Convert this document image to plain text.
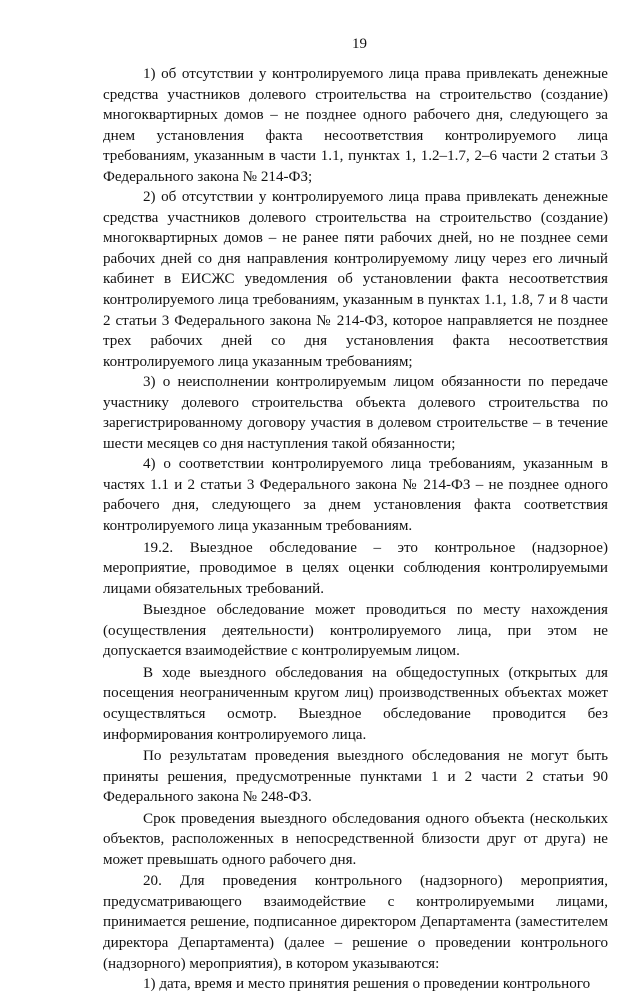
19

1) об отсутствии у контролируемого лица права привлекать денежные средства участников долевого строительства на строительство (создание) многоквартирных домов – не позднее одного рабочего дня, следующего за днем установления факта несоответствия контролируемого лица требованиям, указанным в части 1.1, пунктах 1, 1.2–1.7, 2–6 части 2 статьи 3 Федерального закона № 214-ФЗ;

2) об отсутствии у контролируемого лица права привлекать денежные средства участников долевого строительства на строительство (создание) многоквартирных домов – не ранее пяти рабочих дней, но не позднее семи рабочих дней со дня направления контролируемому лицу через его личный кабинет в ЕИСЖС уведомления об установлении факта несоответствия контролируемого лица требованиям, указанным в пунктах 1.1, 1.8, 7 и 8 части 2 статьи 3 Федерального закона № 214-ФЗ, которое направляется не позднее трех рабочих дней со дня установления факта несоответствия контролируемого лица указанным требованиям;

3) о неисполнении контролируемым лицом обязанности по передаче участнику долевого строительства объекта долевого строительства по зарегистрированному договору участия в долевом строительстве – в течение шести месяцев со дня наступления такой обязанности;

4) о соответствии контролируемого лица требованиям, указанным в частях 1.1 и 2 статьи 3 Федерального закона № 214-ФЗ – не позднее одного рабочего дня, следующего за днем установления факта соответствия контролируемого лица указанным требованиям.

19.2. Выездное обследование – это контрольное (надзорное) мероприятие, проводимое в целях оценки соблюдения контролируемыми лицами обязательных требований.

Выездное обследование может проводиться по месту нахождения (осуществления деятельности) контролируемого лица, при этом не допускается взаимодействие с контролируемым лицом.

В ходе выездного обследования на общедоступных (открытых для посещения неограниченным кругом лиц) производственных объектах может осуществляться осмотр. Выездное обследование проводится без информирования контролируемого лица.

По результатам проведения выездного обследования не могут быть приняты решения, предусмотренные пунктами 1 и 2 части 2 статьи 90 Федерального закона № 248-ФЗ.

Срок проведения выездного обследования одного объекта (нескольких объектов, расположенных в непосредственной близости друг от друга) не может превышать одного рабочего дня.

20. Для проведения контрольного (надзорного) мероприятия, предусматривающего взаимодействие с контролируемыми лицами, принимается решение, подписанное директором Департамента (заместителем директора Департамента) (далее – решение о проведении контрольного (надзорного) мероприятия), в котором указываются:

1) дата, время и место принятия решения о проведении контрольного
